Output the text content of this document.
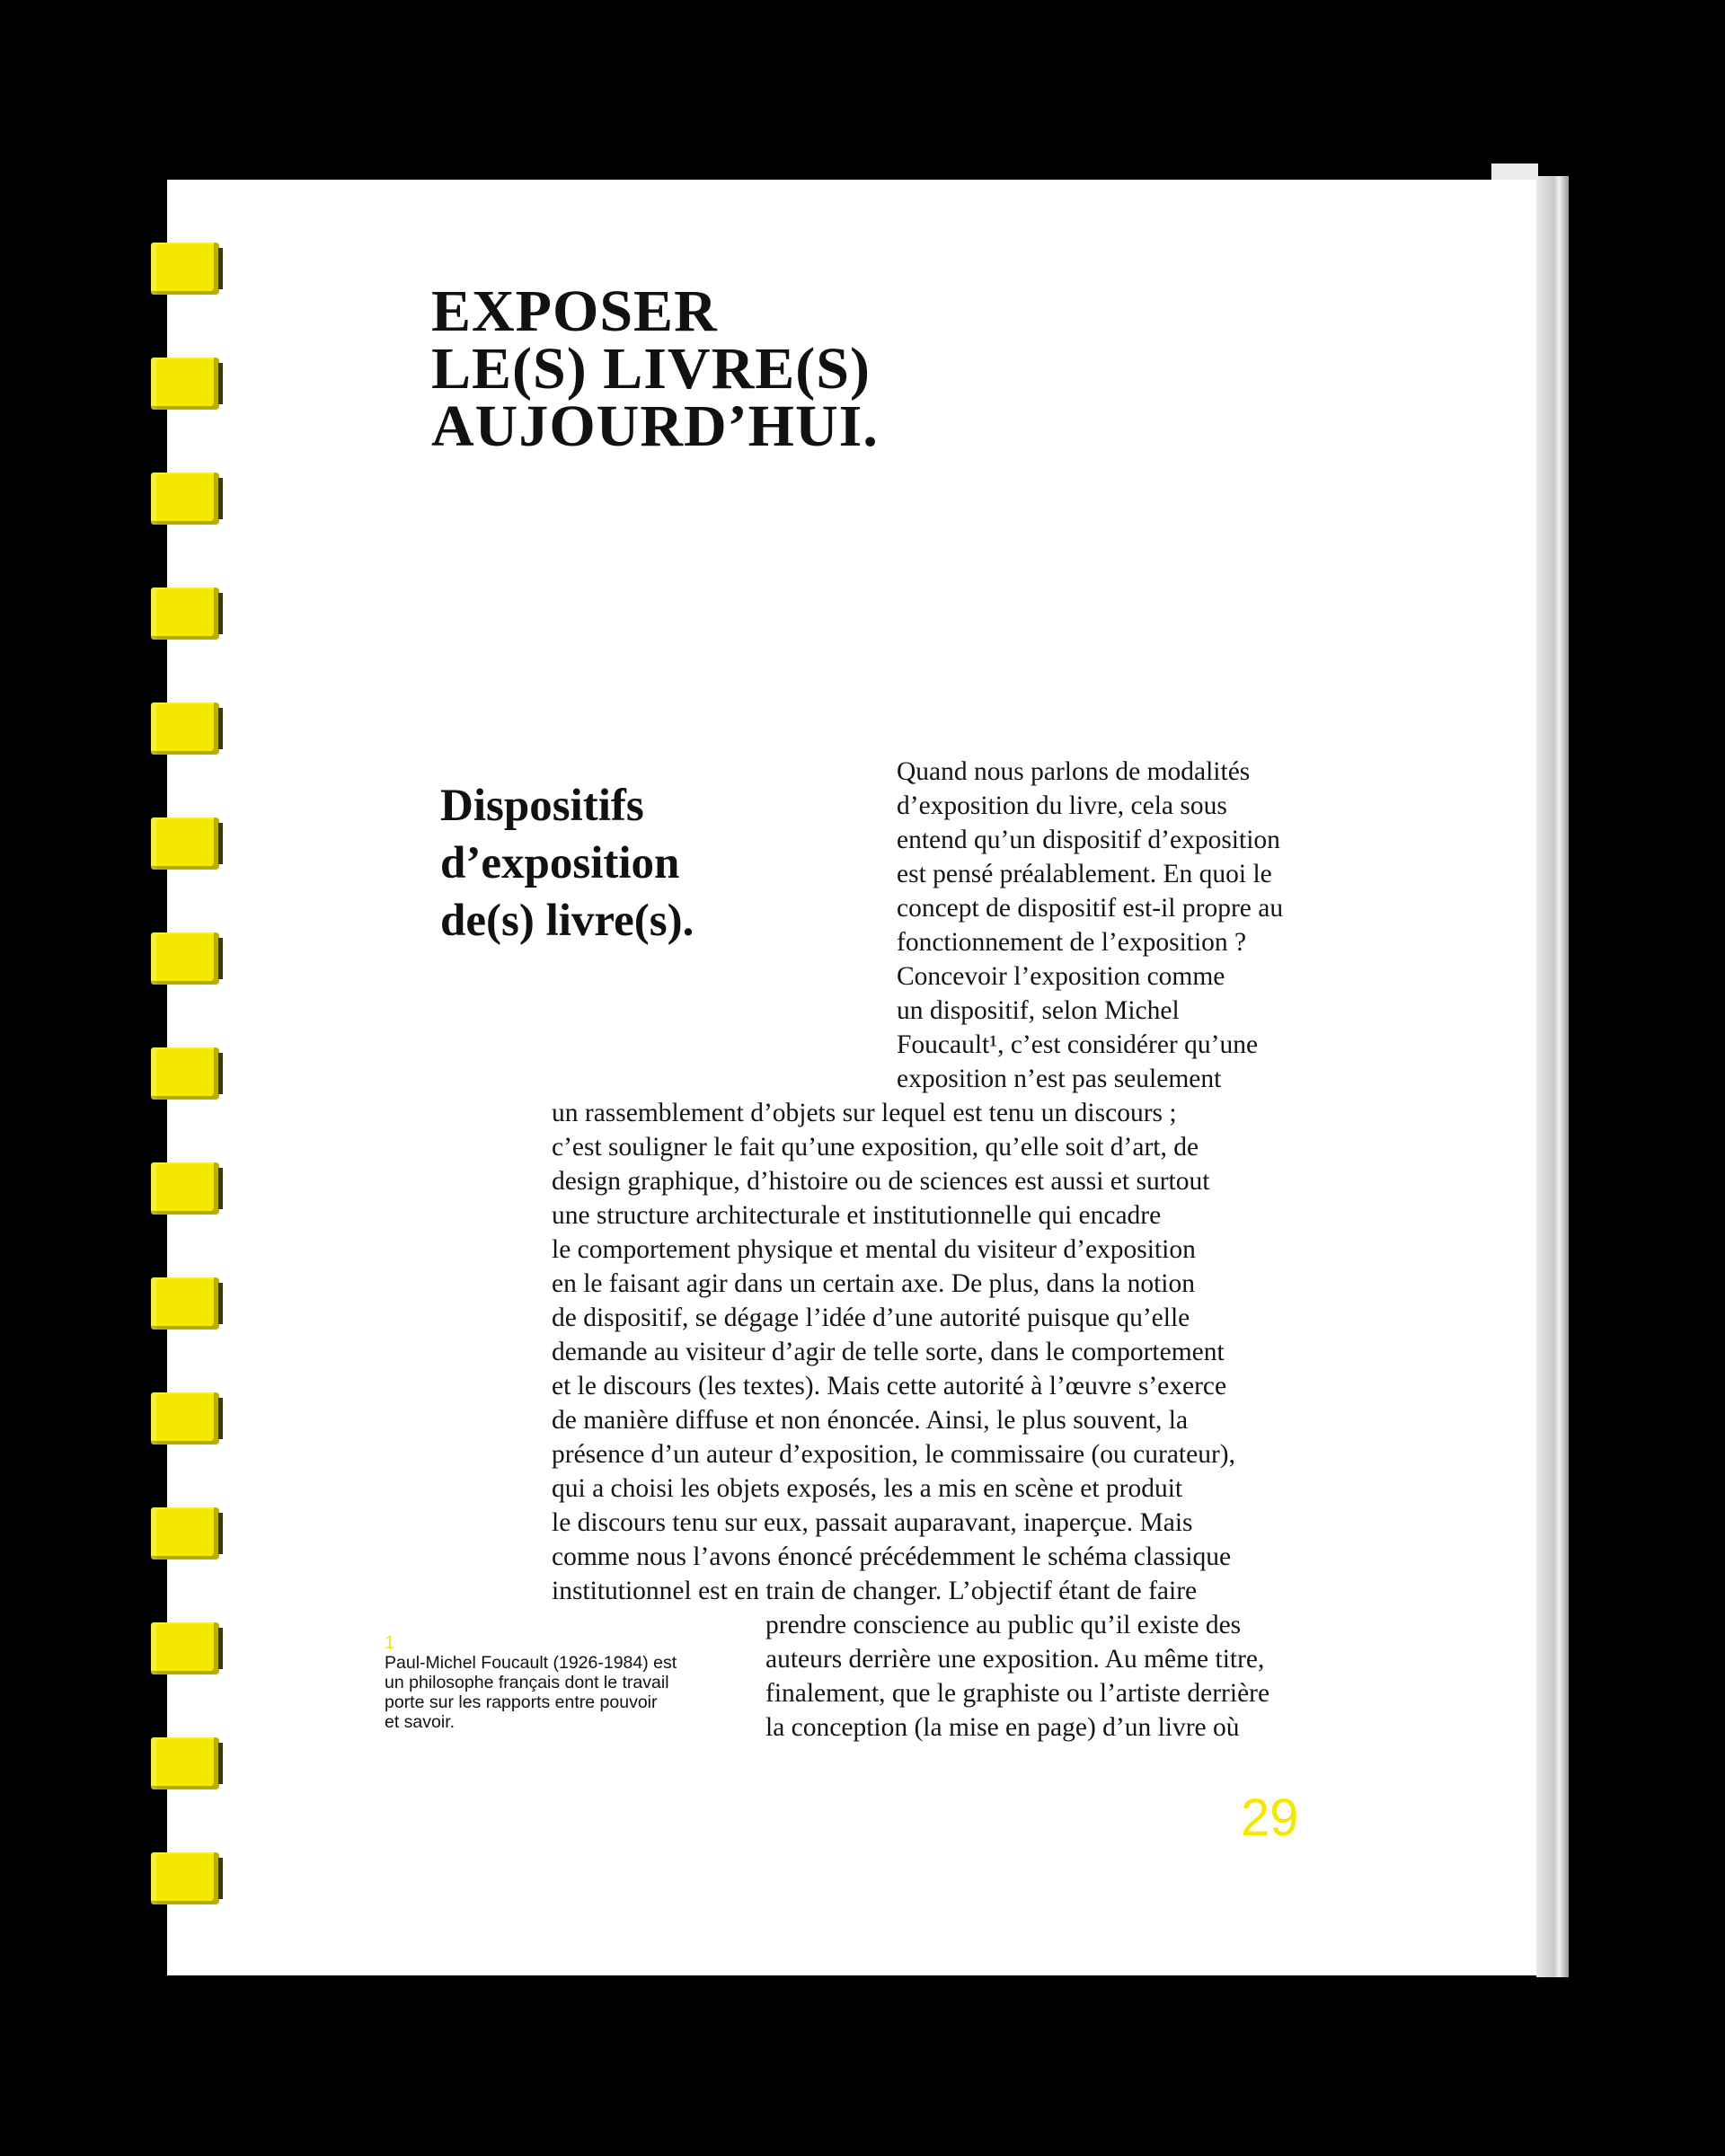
EXPOSER
LE(S) LIVRE(S)
AUJOURD’HUI.
Dispositifs
d’exposition
de(s) livre(s).
Quand nous parlons de modalités
d’exposition du livre, cela sous
entend qu’un dispositif d’exposition
est pensé préalablement. En quoi le
concept de dispositif est-il propre au
fonctionnement de l’exposition ?
Concevoir l’exposition comme
un dispositif, selon Michel
Foucault¹, c’est considérer qu’une
exposition n’est pas seulement
un rassemblement d’objets sur lequel est tenu un discours ;
c’est souligner le fait qu’une exposition, qu’elle soit d’art, de
design graphique, d’histoire ou de sciences est aussi et surtout
une structure architecturale et institutionnelle qui encadre
le comportement physique et mental du visiteur d’exposition
en le faisant agir dans un certain axe. De plus, dans la notion
de dispositif, se dégage l’idée d’une autorité puisque qu’elle
demande au visiteur d’agir de telle sorte, dans le comportement
et le discours (les textes). Mais cette autorité à l’œuvre s’exerce
de manière diffuse et non énoncée. Ainsi, le plus souvent, la
présence d’un auteur d’exposition, le commissaire (ou curateur),
qui a choisi les objets exposés, les a mis en scène et produit
le discours tenu sur eux, passait auparavant, inaperçue. Mais
comme nous l’avons énoncé précédemment le schéma classique
institutionnel est en train de changer. L’objectif étant de faire
prendre conscience au public qu’il existe des
auteurs derrière une exposition. Au même titre,
finalement, que le graphiste ou l’artiste derrière
la conception (la mise en page) d’un livre où
1
Paul-Michel Foucault (1926-1984) est
un philosophe français dont le travail
porte sur les rapports entre pouvoir
et savoir.
29
